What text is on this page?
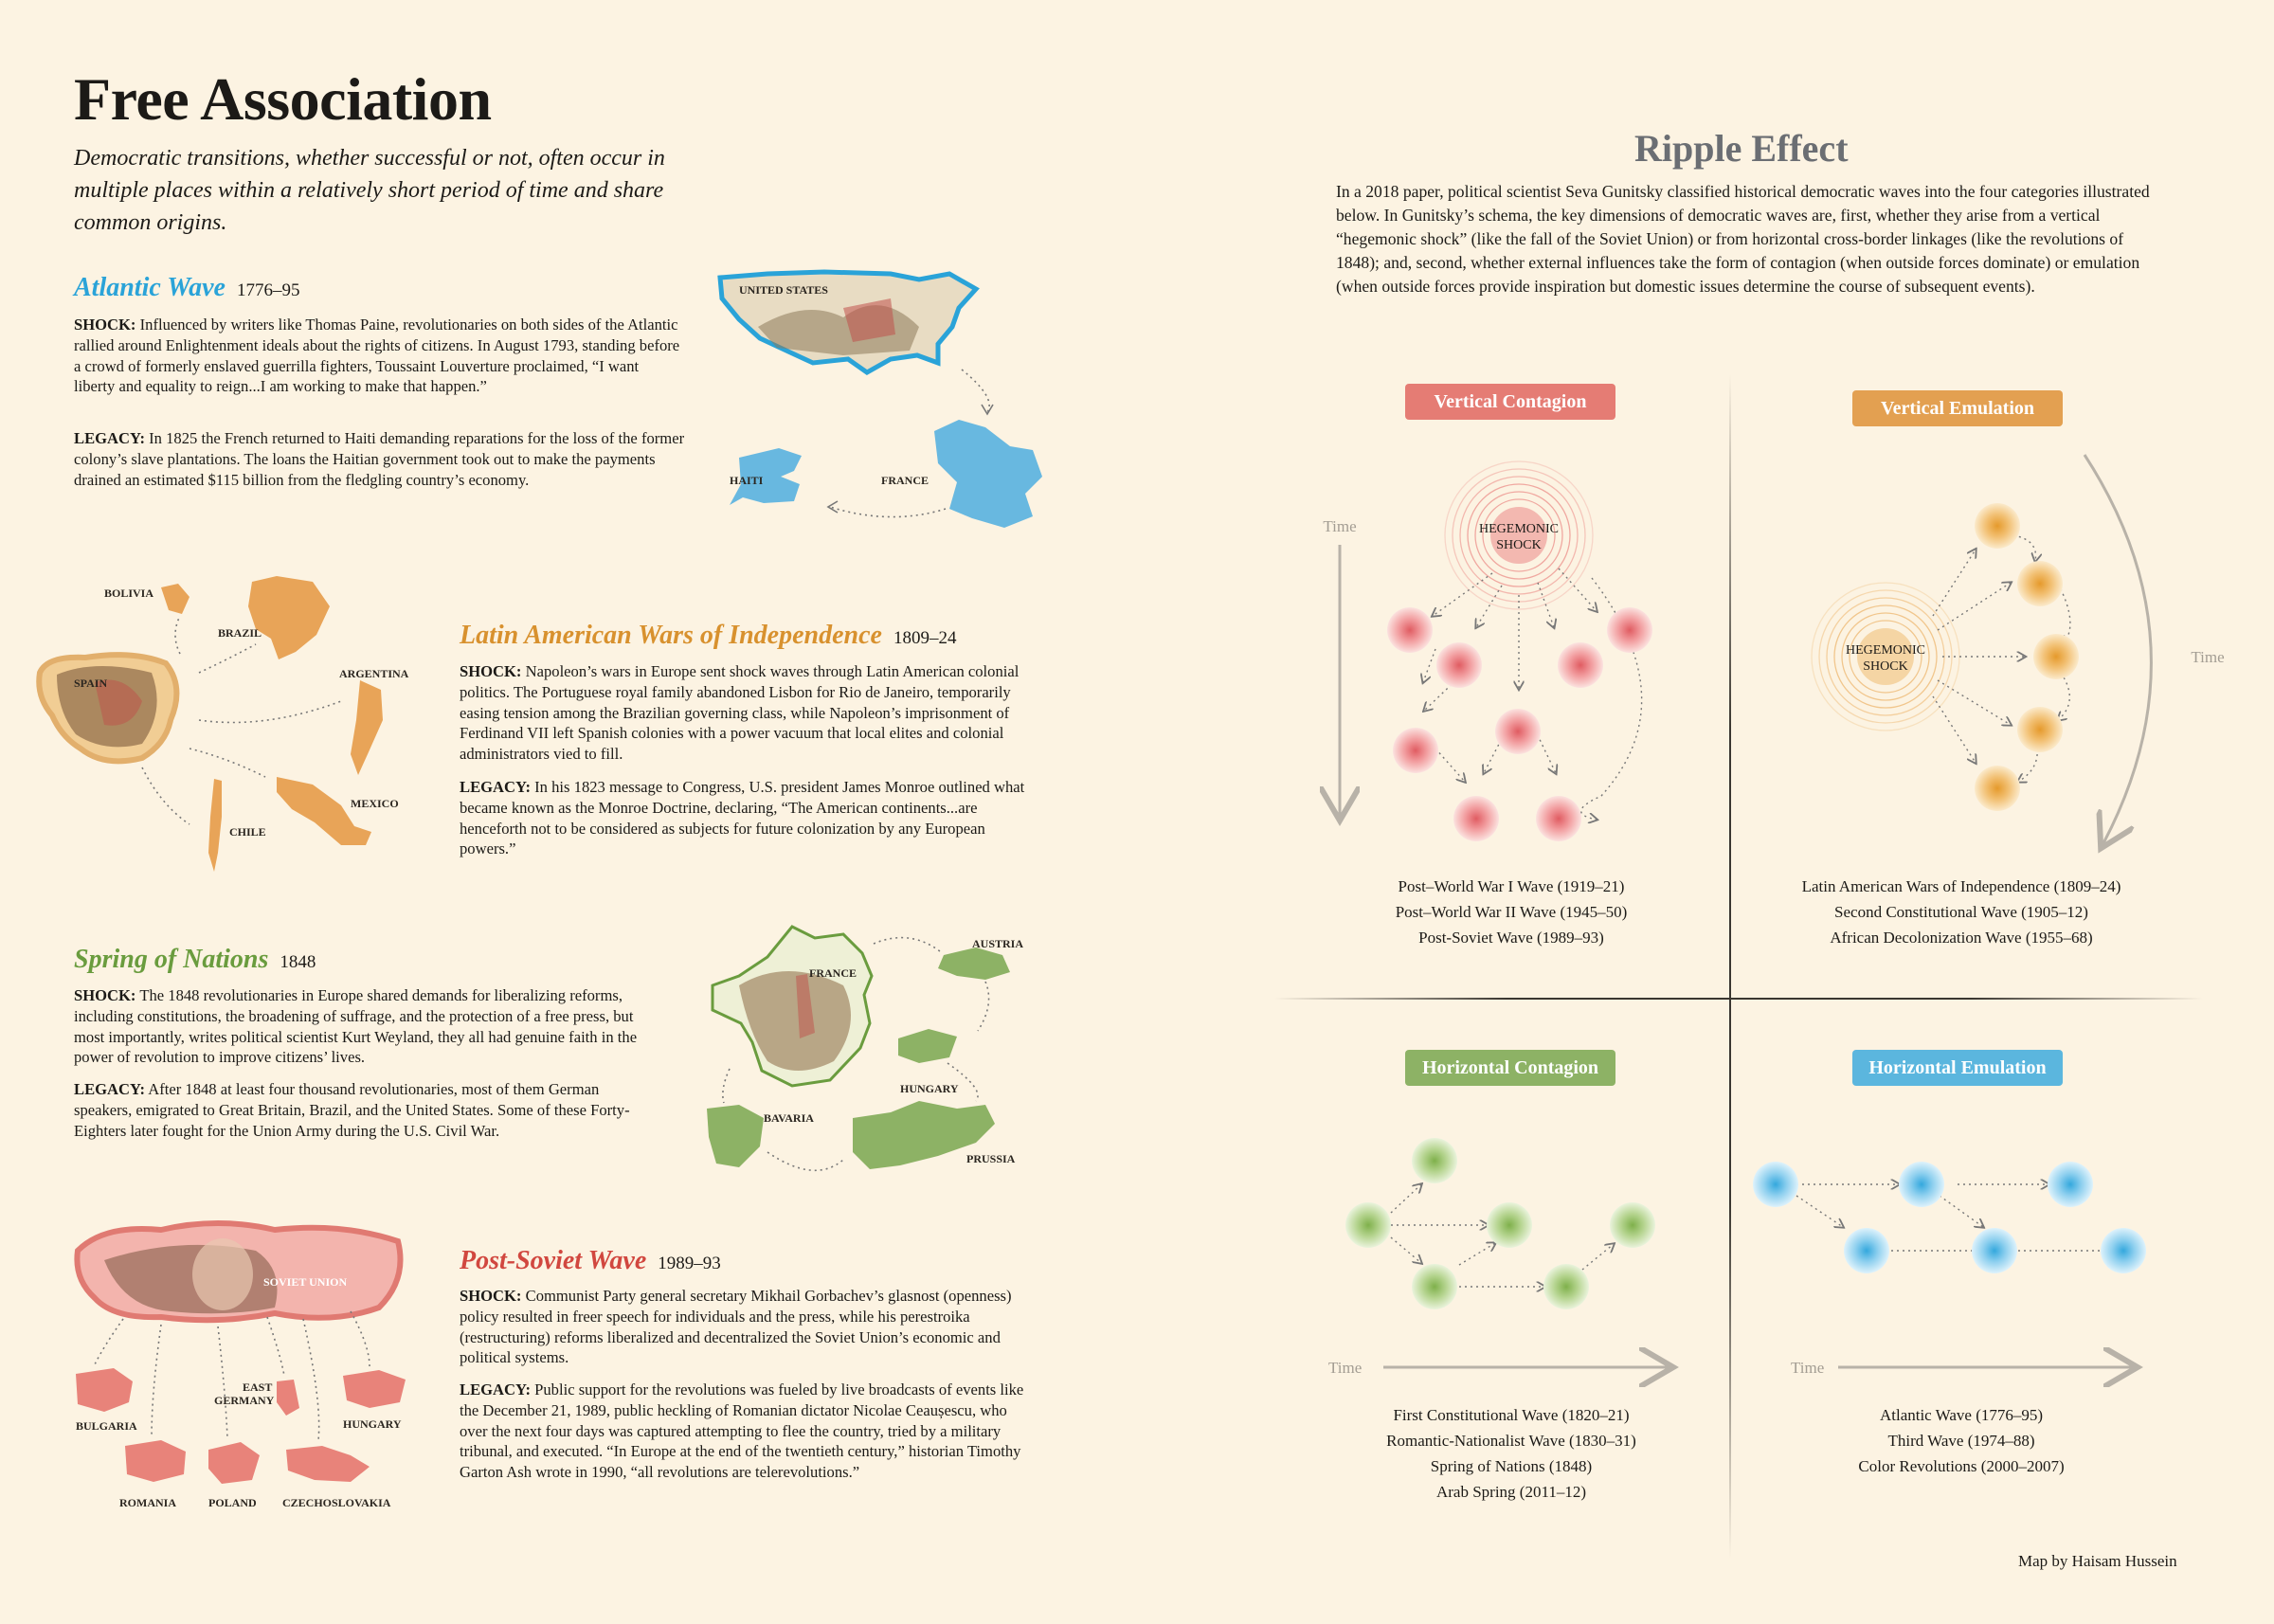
Free Association

Democratic transitions, whether successful or not, often occur in multiple places within a relatively short period of time and share common origins.

Atlantic Wave 1776–95

SHOCK: Influenced by writers like Thomas Paine, revolutionaries on both sides of the Atlantic rallied around Enlightenment ideals about the rights of citizens. In August 1793, standing before a crowd of formerly enslaved guerrilla fighters, Toussaint Louverture proclaimed, “I want liberty and equality to reign...I am working to make that happen.”

LEGACY: In 1825 the French returned to Haiti demanding reparations for the loss of the former colony’s slave plantations. The loans the Haitian government took out to make the payments drained an estimated $115 billion from the fledgling country’s economy.

UNITED STATES
HAITI	FRANCE
BOLIVIA
BRAZIL
ARGENTINA
SPAIN
MEXICO
CHILE
Latin American Wars of Independence 1809–24

SHOCK: Napoleon’s wars in Europe sent shock waves through Latin American colonial politics. The Portuguese royal family abandoned Lisbon for Rio de Janeiro, temporarily easing tension among the Brazilian governing class, while Napoleon’s imprisonment of Ferdinand VII left Spanish colonies with a power vacuum that local elites and colonial administrators vied to fill.

LEGACY: In his 1823 message to Congress, U.S. president James Monroe outlined what became known as the Monroe Doctrine, declaring, “The American continents...are henceforth not to be considered as subjects for future colonization by any European powers.”

Spring of Nations 1848

SHOCK: The 1848 revolutionaries in Europe shared demands for liberalizing reforms, including constitutions, the broadening of suffrage, and the protection of a free press, but most importantly, writes political scientist Kurt Weyland, they all had genuine faith in the power of revolution to improve citizens’ lives.

LEGACY: After 1848 at least four thousand revolutionaries, most of them German speakers, emigrated to Great Britain, Brazil, and the United States. Some of these Forty-Eighters later fought for the Union Army during the U.S. Civil War.

FRANCE
AUSTRIA
HUNGARY
BAVARIA
PRUSSIA
SOVIET UNION
BULGARIA
EAST
GERMANY
HUNGARY
ROMANIA	POLAND CZECHOSLOVAKIA
Post-Soviet Wave 1989–93

SHOCK: Communist Party general secretary Mikhail Gorbachev’s glasnost (openness) policy resulted in freer speech for individuals and the press, while his perestroika (restructuring) reforms liberalized and decentralized the Soviet Union’s economic and political systems.

LEGACY: Public support for the revolutions was fueled by live broadcasts of events like the December 21, 1989, public heckling of Romanian dictator Nicolae Ceaușescu, who over the next four days was captured attempting to flee the country, tried by a military tribunal, and executed. “In Europe at the end of the twentieth century,” historian Timothy Garton Ash wrote in 1990, “all revolutions are telerevolutions.”

Ripple Effect

In a 2018 paper, political scientist Seva Gunitsky classified historical democratic waves into the four categories illustrated below. In Gunitsky’s schema, the key dimensions of democratic waves are, first, whether they arise from a vertical “hegemonic shock” (like the fall of the Soviet Union) or from horizontal cross-border linkages (like the revolutions of 1848); and, second, whether external influences take the form of contagion (when outside forces dominate) or emulation (when outside forces provide inspiration but domestic issues determine the course of subsequent events).

Vertical Contagion	Vertical Emulation
Horizontal Contagion	Horizontal Emulation
HEGEMONIC
SHOCK
Time
HEGEMONIC
SHOCK
Time
Time	Time
Post–World War I Wave (1919–21)
Post–World War II Wave (1945–50)
Post-Soviet Wave (1989–93)
Latin American Wars of Independence (1809–24)
Second Constitutional Wave (1905–12)
African Decolonization Wave (1955–68)
First Constitutional Wave (1820–21)
Romantic-Nationalist Wave (1830–31)
Spring of Nations (1848)
Arab Spring (2011–12)
Atlantic Wave (1776–95)
Third Wave (1974–88)
Color Revolutions (2000–2007)
Map by Haisam Hussein
